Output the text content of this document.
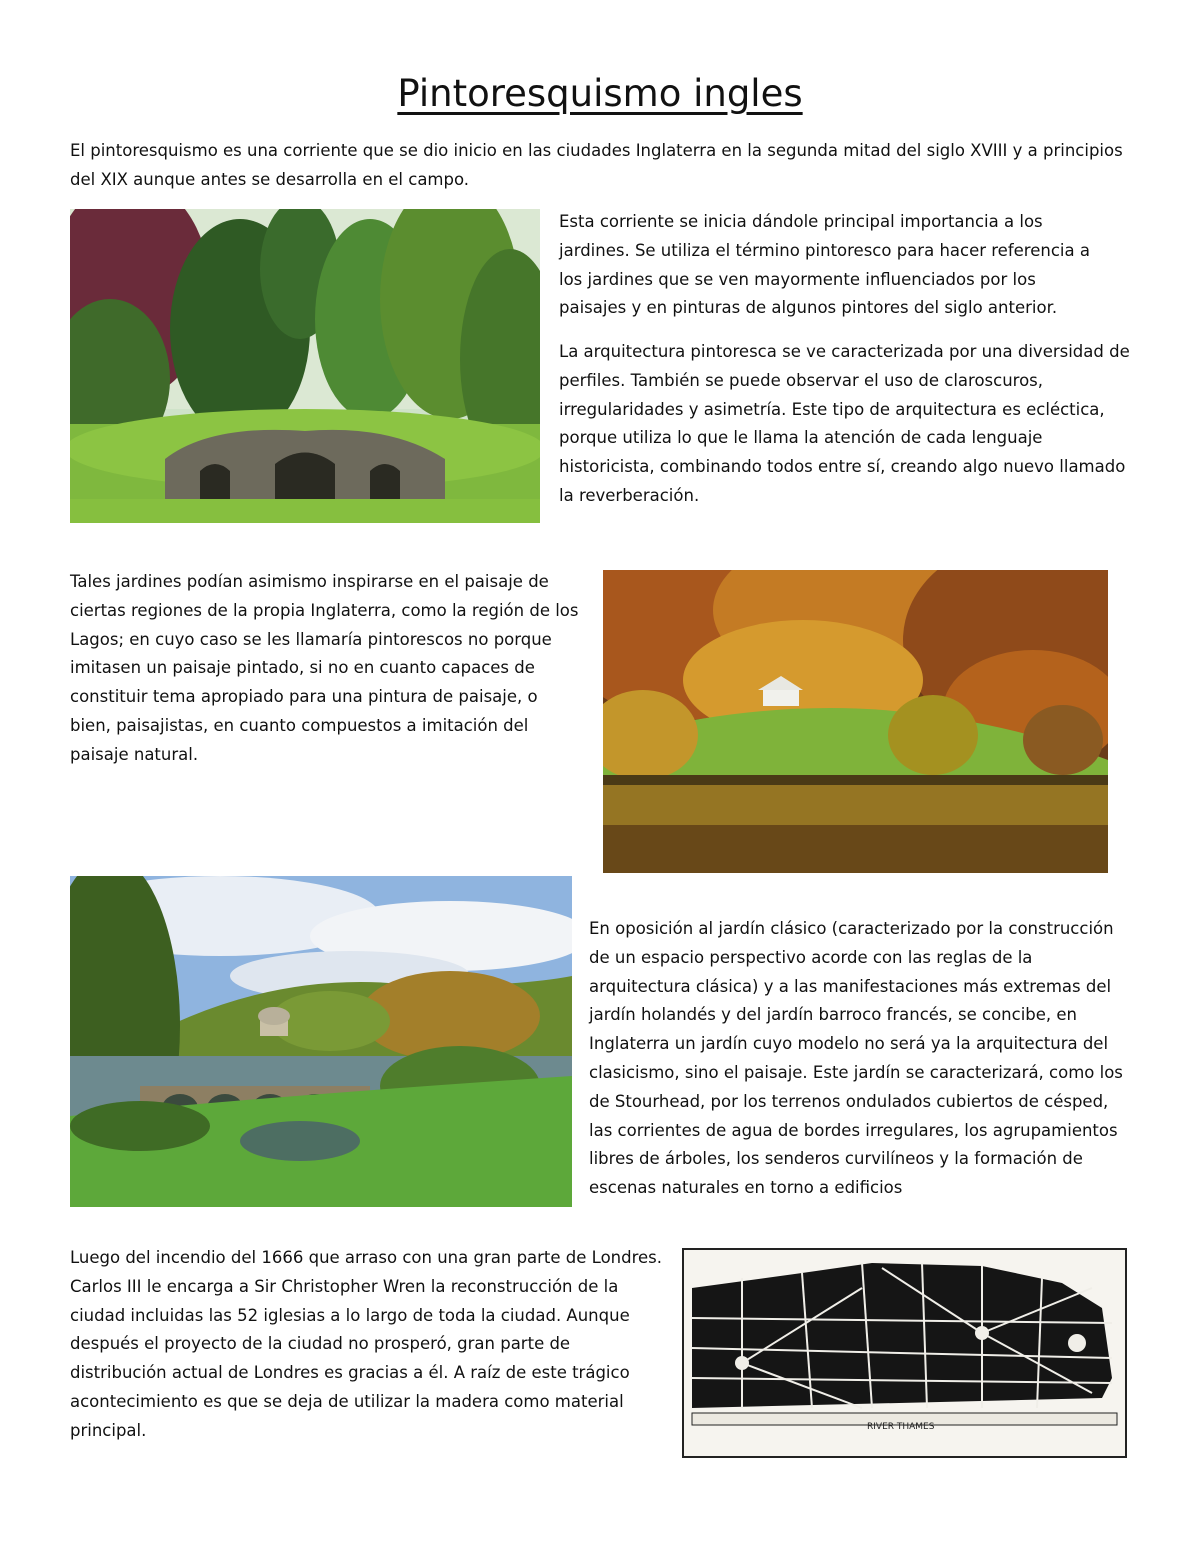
Pintoresquismo ingles

El pintoresquismo es una corriente que se dio inicio en las ciudades Inglaterra en la segunda mitad del siglo XVIII y a principios del XIX aunque antes se desarrolla en el campo.

Esta corriente se inicia dándole principal importancia a los jardines. Se utiliza el término pintoresco para hacer referencia a los jardines que se ven mayormente influenciados por los paisajes y en pinturas de algunos pintores del siglo anterior.

La arquitectura pintoresca se ve caracterizada por una diversidad de perfiles. También se puede observar el uso de claroscuros, irregularidades y asimetría. Este tipo de arquitectura es ecléctica, porque utiliza lo que le llama la atención de cada lenguaje historicista, combinando todos entre sí, creando algo nuevo llamado la reverberación.

Tales jardines podían asimismo inspirarse en el paisaje de ciertas regiones de la propia Inglaterra, como la región de los Lagos; en cuyo caso se les llamaría pintorescos no porque imitasen un paisaje pintado, si no en cuanto capaces de constituir tema apropiado para una pintura de paisaje, o bien, paisajistas, en cuanto compuestos a imitación del paisaje natural.

En oposición al jardín clásico (caracterizado por la construcción de un espacio perspectivo acorde con las reglas de la arquitectura clásica) y a las manifestaciones más extremas del jardín holandés y del jardín barroco francés, se concibe, en Inglaterra un jardín cuyo modelo no será ya la arquitectura del clasicismo, sino el paisaje. Este jardín se caracterizará, como los de Stourhead, por los terrenos ondulados cubiertos de césped, las corrientes de agua de bordes irregulares, los agrupamientos libres de árboles, los senderos curvilíneos y la formación de escenas naturales en torno a edificios

Luego del incendio del 1666 que arraso con una gran parte de Londres. Carlos III le encarga a Sir Christopher Wren la reconstrucción de la ciudad incluidas las 52 iglesias a lo largo de toda la ciudad. Aunque después el proyecto de la ciudad no prosperó, gran parte de distribución actual de Londres es gracias a él. A raíz de este trágico acontecimiento es que se deja de utilizar la madera como material principal.	RIVER THAMES
